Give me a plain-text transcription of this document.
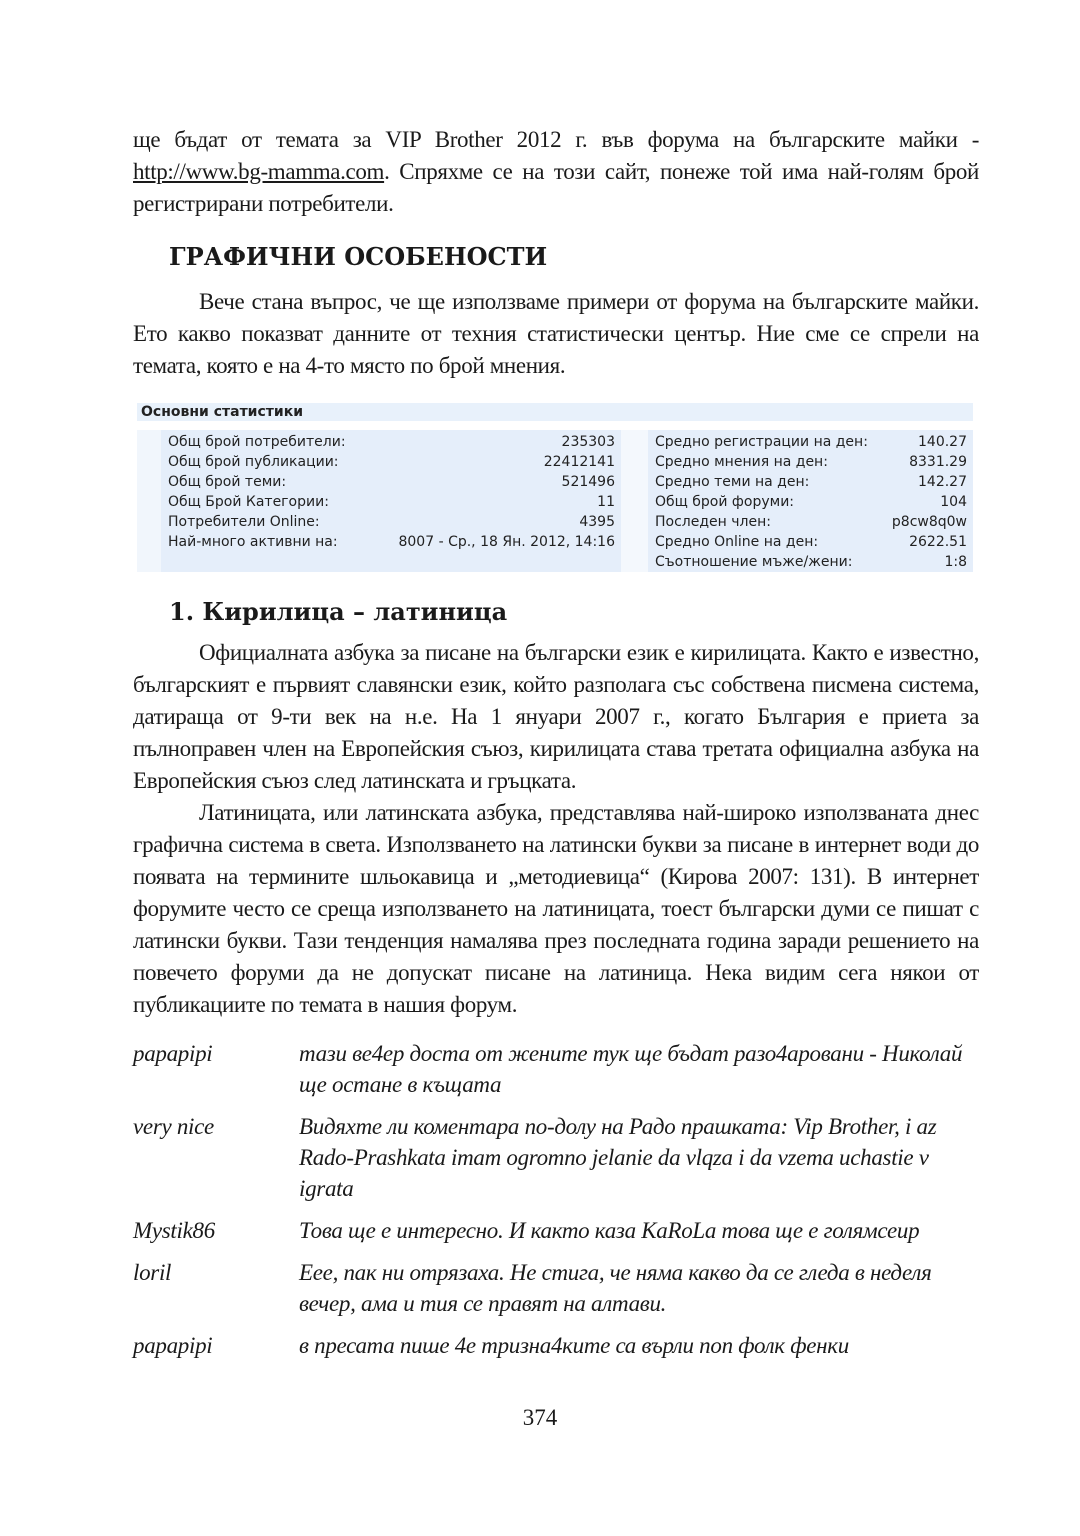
ще бъдат от темата за VIP Brother 2012 г. във форума на българските майки - http://www.bg-mamma.com. Спряхме се на този сайт, понеже той има най-голям брой регистрирани потребители.

ГРАФИЧНИ ОСОБЕНОСТИ

Вече стана въпрос, че ще използваме примери от форума на българските майки. Ето какво показват данните от техния статистически център. Ние сме се спрели на темата, която е на 4-то място по брой мнения.

Основни статистики
Общ брой потребители:	235303
Общ брой публикации:	22412141
Общ брой теми:	521496
Общ Брой Категории:	11
Потребители Online:	4395
Най-много активни на:	8007 - Ср., 18 Ян. 2012, 14:16
Средно регистрации на ден:	140.27
Средно мнения на ден:	8331.29
Средно теми на ден:	142.27
Общ брой форуми:	104
Последен член:	p8cw8q0w
Средно Online на ден:	2622.51
Съотношение мъже/жени:	1:8
1. Кирилица – латиница

Официалната азбука за писане на български език е кирилицата. Както е известно, българският е първият славянски език, който разполага със собствена писмена система, датираща от 9-ти век на н.е. На 1 януари 2007 г., когато България е приета за пълноправен член на Европейския съюз, кирилицата става третата официална азбука на Европейския съюз след латинската и гръцката.

Латиницата, или латинската азбука, представлява най-широко използваната днес графична система в света. Използването на латински букви за писане в интернет води до появата на термините шльокавица и „методиевица“ (Кирова 2007: 131). В интернет форумите често се среща използването на латиницата, тоест български думи се пишат с латински букви. Тази тенденция намалява през последната година заради решението на повечето форуми да не допускат писане на латиница. Нека видим сега някои от публикациите по темата в нашия форум.

papapipi	тази ве4ер доста от жените тук ще бъдат разо4аровани - Николай ще остане в къщата
very nice	Видяхте ли коментара по-долу на Радо прашката: Vip Brother, i az Rado-Prashkata imam ogromno jelanie da vlqza i da vzema uchastie v igrata
Mystik86	Това ще е интересно. И както каза KaRoLa това ще е голямсеир
loril	Еее, пак ни отрязаха. Не стига, че няма какво да се гледа в неделя вечер, ама и тия се правят на алтави.
papapipi	в пресата пише 4е тризна4ките са върли поп фолк фенки
374
